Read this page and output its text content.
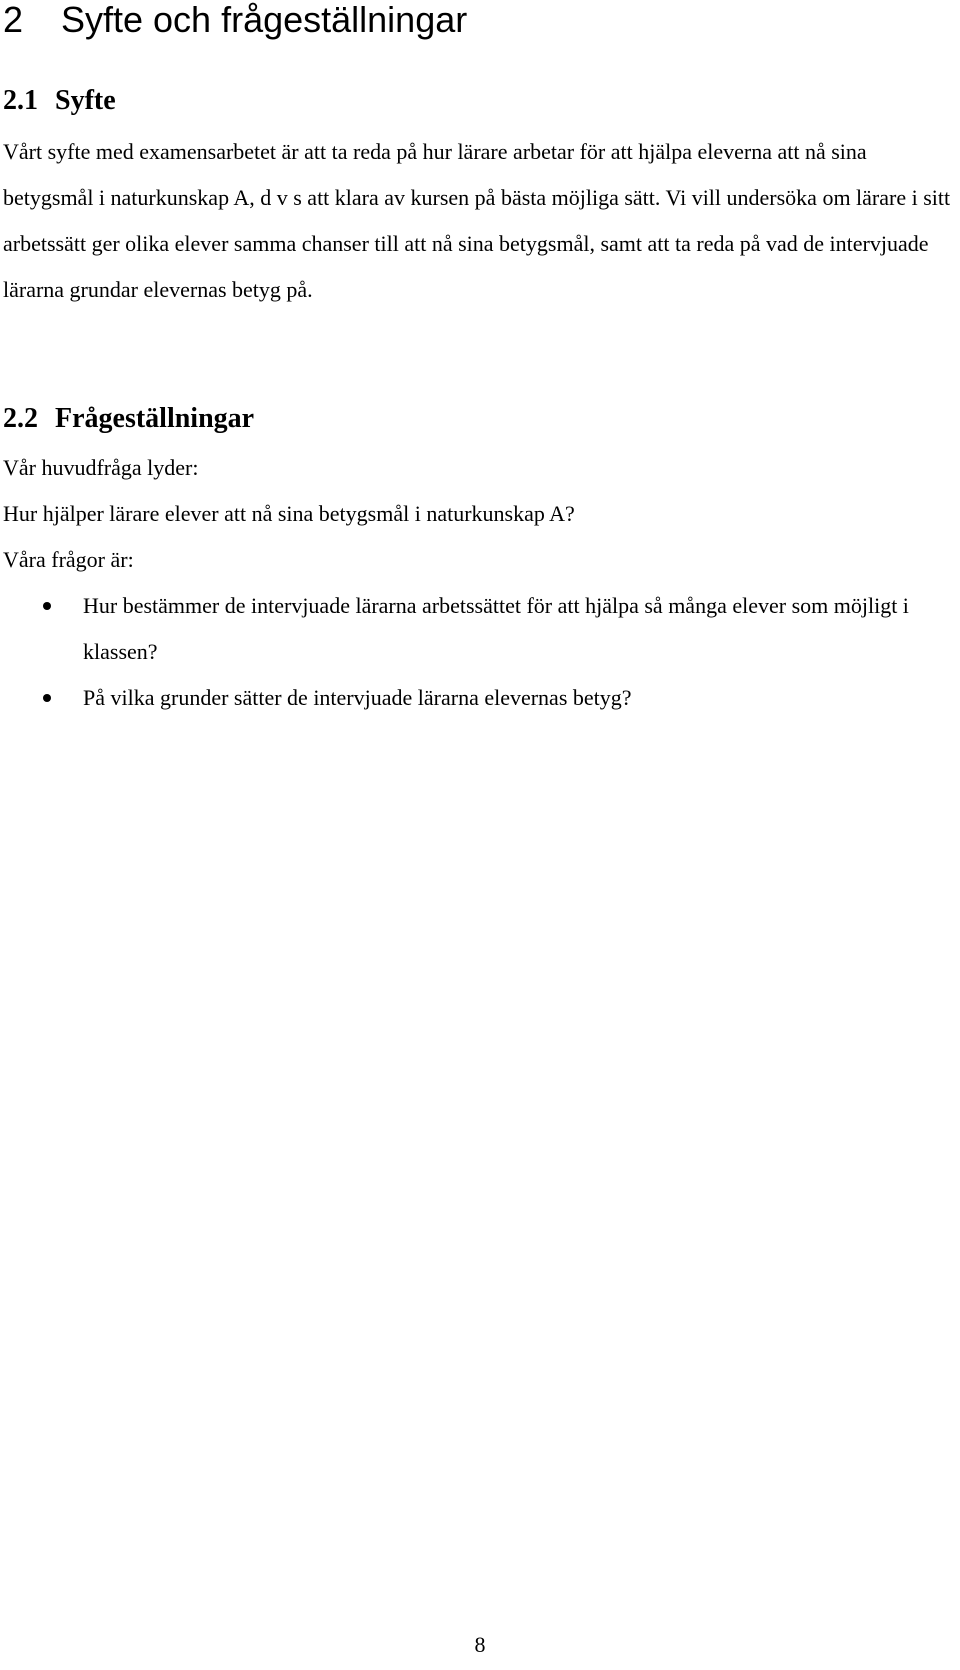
2 Syfte och frågeställningar
2.1 Syfte

Vårt syfte med examensarbetet är att ta reda på hur lärare arbetar för att hjälpa eleverna att nå sina betygsmål i naturkunskap A, d v s att klara av kursen på bästa möjliga sätt. Vi vill undersöka om lärare i sitt arbetssätt ger olika elever samma chanser till att nå sina betygsmål, samt att ta reda på vad de intervjuade lärarna grundar elevernas betyg på.

2.2 Frågeställningar

Vår huvudfråga lyder:

Hur hjälper lärare elever att nå sina betygsmål i naturkunskap A?

Våra frågor är:

Hur bestämmer de intervjuade lärarna arbetssättet för att hjälpa så många elever som möjligt i klassen?
På vilka grunder sätter de intervjuade lärarna elevernas betyg?
8
